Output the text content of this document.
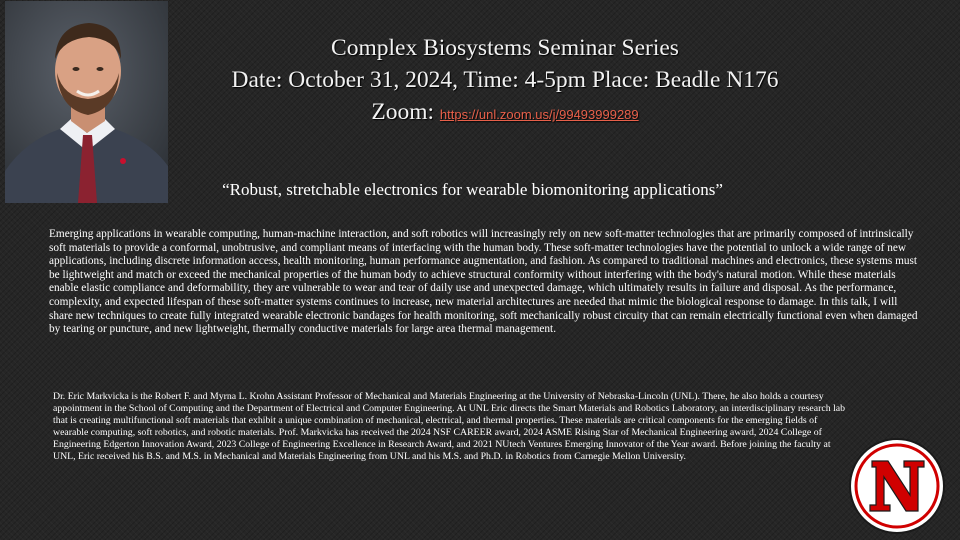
Complex Biosystems Seminar Series
Date: October 31, 2024, Time: 4-5pm Place: Beadle N176
Zoom: https://unl.zoom.us/j/99493999289
“Robust, stretchable electronics for wearable biomonitoring applications”

Emerging applications in wearable computing, human-machine interaction, and soft robotics will increasingly rely on new soft-matter technologies that are primarily composed of intrinsically soft materials to provide a conformal, unobtrusive, and compliant means of interfacing with the human body. These soft-matter technologies have the potential to unlock a wide range of new applications, including discrete information access, health monitoring, human performance augmentation, and fashion. As compared to traditional machines and electronics, these systems must be lightweight and match or exceed the mechanical properties of the human body to achieve structural conformity without interfering with the body's natural motion. While these materials enable elastic compliance and deformability, they are vulnerable to wear and tear of daily use and unexpected damage, which ultimately results in failure and disposal. As the performance, complexity, and expected lifespan of these soft-matter systems continues to increase, new material architectures are needed that mimic the biological response to damage. In this talk, I will share new techniques to create fully integrated wearable electronic bandages for health monitoring, soft mechanically robust circuity that can remain electrically functional even when damaged by tearing or puncture, and new lightweight, thermally conductive materials for large area thermal management.

Dr. Eric Markvicka is the Robert F. and Myrna L. Krohn Assistant Professor of Mechanical and Materials Engineering at the University of Nebraska-Lincoln (UNL). There, he also holds a courtesy appointment in the School of Computing and the Department of Electrical and Computer Engineering. At UNL Eric directs the Smart Materials and Robotics Laboratory, an interdisciplinary research lab that is creating multifunctional soft materials that exhibit a unique combination of mechanical, electrical, and thermal properties. These materials are critical components for the emerging fields of wearable computing, soft robotics, and robotic materials. Prof. Markvicka has received the 2024 NSF CAREER award, 2024 ASME Rising Star of Mechanical Engineering award, 2024 College of Engineering Edgerton Innovation Award, 2023 College of Engineering Excellence in Research Award, and 2021 NUtech Ventures Emerging Innovator of the Year award. Before joining the faculty at UNL, Eric received his B.S. and M.S. in Mechanical and Materials Engineering from UNL and his M.S. and Ph.D. in Robotics from Carnegie Mellon University.
